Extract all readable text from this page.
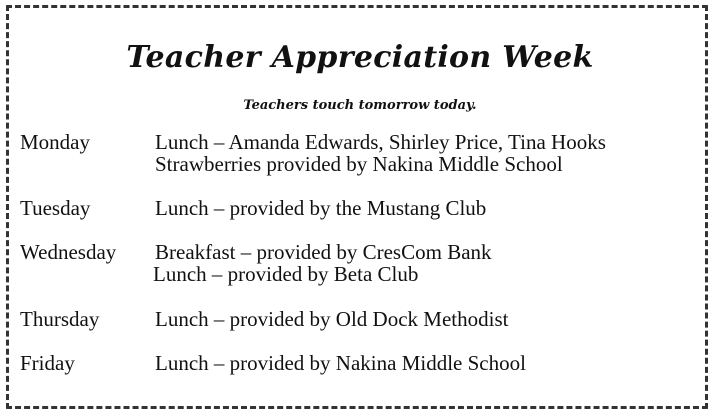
Teacher Appreciation Week
Teachers touch tomorrow today.
Monday	Lunch – Amanda Edwards, Shirley Price, Tina Hooks
Strawberries provided by Nakina Middle School
Tuesday	Lunch – provided by the Mustang Club
Wednesday Breakfast – provided by CresCom Bank
Lunch – provided by Beta Club
Thursday	Lunch – provided by Old Dock Methodist
Friday	Lunch – provided by Nakina Middle School
